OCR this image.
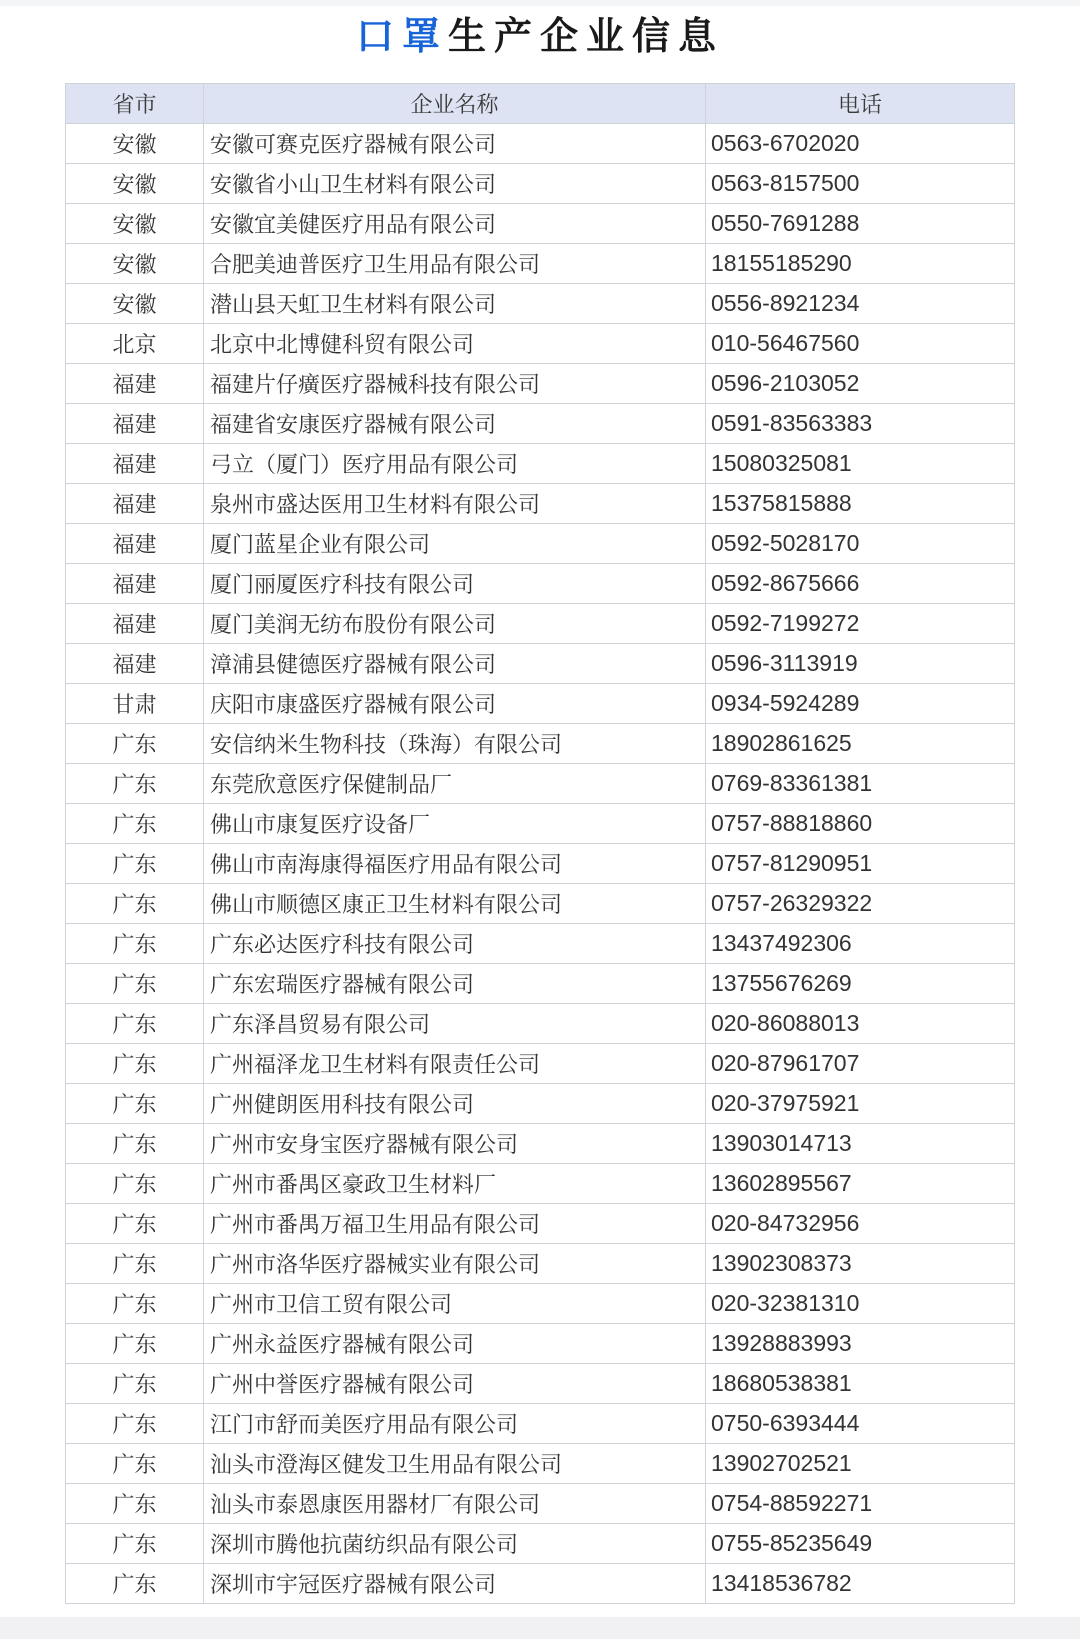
口罩生产企业信息
省市	企业名称	电话
安徽	安徽可赛克医疗器械有限公司	0563-6702020
安徽	安徽省小山卫生材料有限公司	0563-8157500
安徽	安徽宜美健医疗用品有限公司	0550-7691288
安徽	合肥美迪普医疗卫生用品有限公司	18155185290
安徽	潜山县天虹卫生材料有限公司	0556-8921234
北京	北京中北博健科贸有限公司	010-56467560
福建	福建片仔癀医疗器械科技有限公司	0596-2103052
福建	福建省安康医疗器械有限公司	0591-83563383
福建	弓立（厦门）医疗用品有限公司	15080325081
福建	泉州市盛达医用卫生材料有限公司	15375815888
福建	厦门蓝星企业有限公司	0592-5028170
福建	厦门丽厦医疗科技有限公司	0592-8675666
福建	厦门美润无纺布股份有限公司	0592-7199272
福建	漳浦县健德医疗器械有限公司	0596-3113919
甘肃	庆阳市康盛医疗器械有限公司	0934-5924289
广东	安信纳米生物科技（珠海）有限公司	18902861625
广东	东莞欣意医疗保健制品厂	0769-83361381
广东	佛山市康复医疗设备厂	0757-88818860
广东	佛山市南海康得福医疗用品有限公司	0757-81290951
广东	佛山市顺德区康正卫生材料有限公司	0757-26329322
广东	广东必达医疗科技有限公司	13437492306
广东	广东宏瑞医疗器械有限公司	13755676269
广东	广东泽昌贸易有限公司	020-86088013
广东	广州福泽龙卫生材料有限责任公司	020-87961707
广东	广州健朗医用科技有限公司	020-37975921
广东	广州市安身宝医疗器械有限公司	13903014713
广东	广州市番禺区豪政卫生材料厂	13602895567
广东	广州市番禺万福卫生用品有限公司	020-84732956
广东	广州市洛华医疗器械实业有限公司	13902308373
广东	广州市卫信工贸有限公司	020-32381310
广东	广州永益医疗器械有限公司	13928883993
广东	广州中誉医疗器械有限公司	18680538381
广东	江门市舒而美医疗用品有限公司	0750-6393444
广东	汕头市澄海区健发卫生用品有限公司	13902702521
广东	汕头市泰恩康医用器材厂有限公司	0754-88592271
广东	深圳市腾他抗菌纺织品有限公司	0755-85235649
广东	深圳市宇冠医疗器械有限公司	13418536782
